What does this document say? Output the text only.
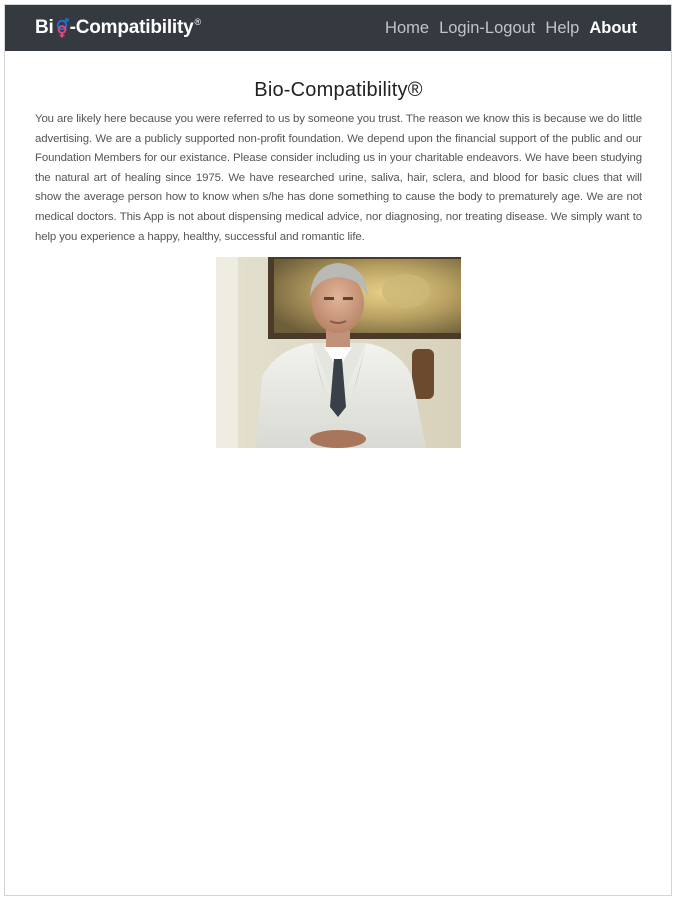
Bi -Compatibility®	Home Login-Logout Help About
Bio-Compatibility®

You are likely here because you were referred to us by someone you trust. The reason we know this is because we do little advertising. We are a publicly supported non-profit foundation. We depend upon the financial support of the public and our Foundation Members for our existance. Please consider including us in your charitable endeavors. We have been studying the natural art of healing since 1975. We have researched urine, saliva, hair, sclera, and blood for basic clues that will show the average person how to know when s/he has done something to cause the body to prematurely age. We are not medical doctors. This App is not about dispensing medical advice, nor diagnosing, nor treating disease. We simply want to help you experience a happy, healthy, successful and romantic life.
